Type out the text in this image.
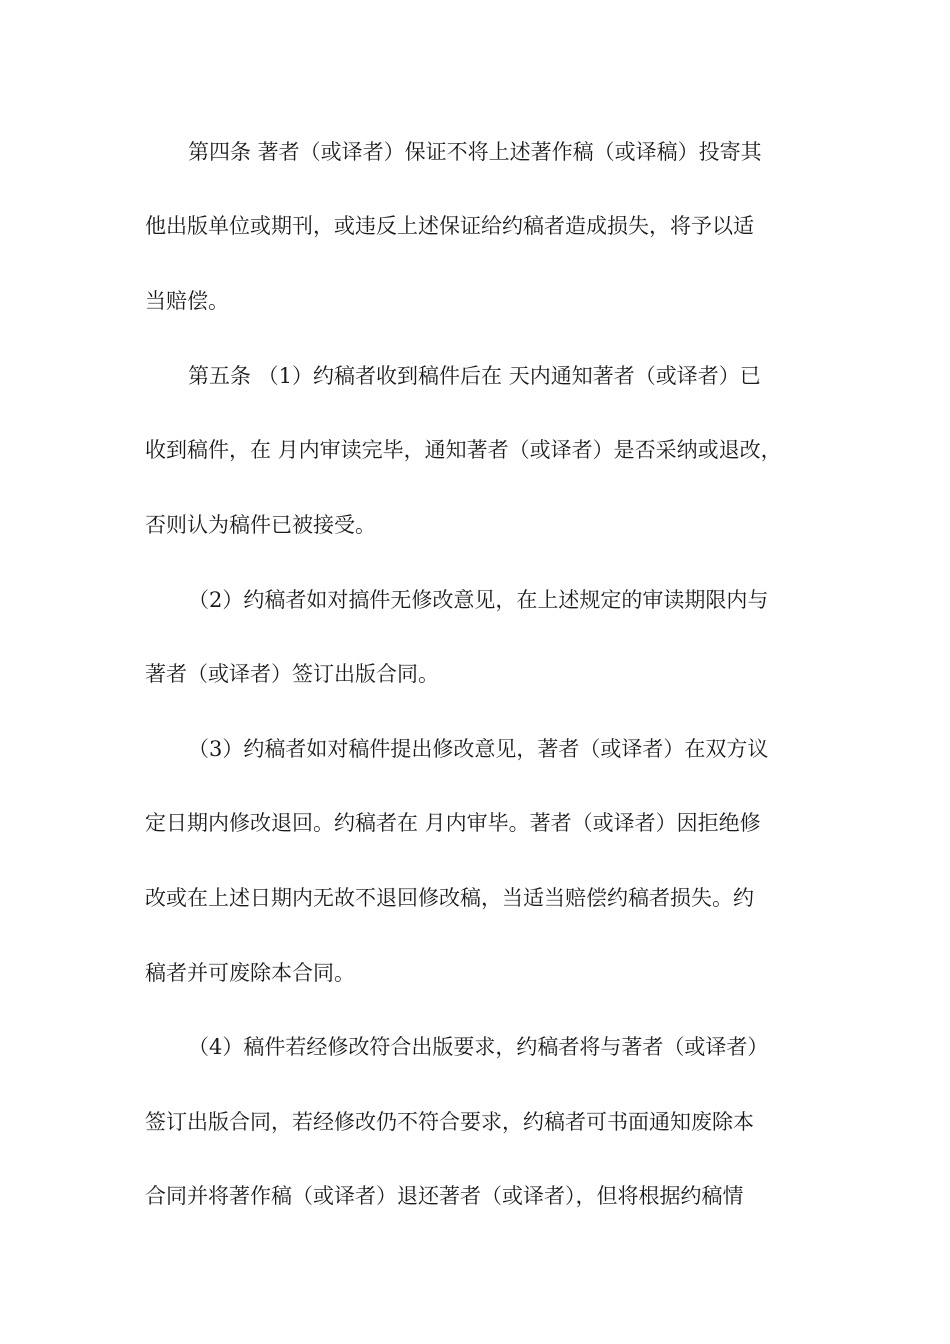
第四条 著者（或译者）保证不将上述著作稿（或译稿）投寄其

他出版单位或期刊，或违反上述保证给约稿者造成损失，将予以适

当赔偿。

第五条 （1）约稿者收到稿件后在 天内通知著者（或译者）已

收到稿件，在 月内审读完毕，通知著者（或译者）是否采纳或退改，

否则认为稿件已被接受。

（2）约稿者如对搞件无修改意见，在上述规定的审读期限内与

著者（或译者）签订出版合同。

（3）约稿者如对稿件提出修改意见，著者（或译者）在双方议

定日期内修改退回。约稿者在 月内审毕。著者（或译者）因拒绝修

改或在上述日期内无故不退回修改稿，当适当赔偿约稿者损失。约

稿者并可废除本合同。

（4）稿件若经修改符合出版要求，约稿者将与著者（或译者）

签订出版合同，若经修改仍不符合要求，约稿者可书面通知废除本

合同并将著作稿（或译者）退还著者（或译者），但将根据约稿情
